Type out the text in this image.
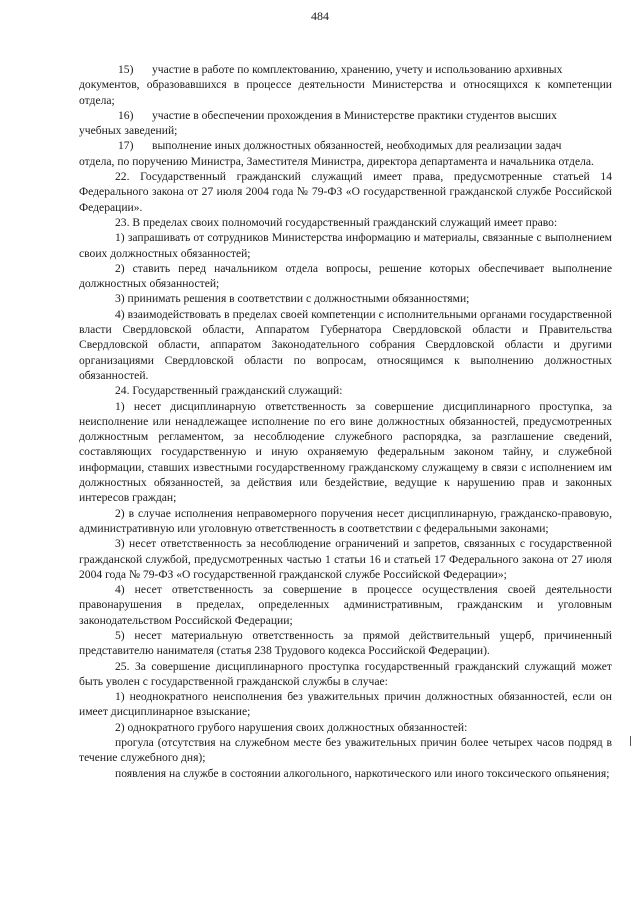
484
15) участие в работе по комплектованию, хранению, учету и использованию архивных
документов, образовавшихся в процессе деятельности Министерства и относящихся к компетенции отдела;
16) участие в обеспечении прохождения в Министерстве практики студентов высших
учебных заведений;
17) выполнение иных должностных обязанностей, необходимых для реализации задач
отдела, по поручению Министра, Заместителя Министра, директора департамента и начальника отдела.

22. Государственный гражданский служащий имеет права, предусмотренные статьей 14 Федерального закона от 27 июля 2004 года № 79-ФЗ «О государственной гражданской службе Российской Федерации».

23. В пределах своих полномочий государственный гражданский служащий имеет право:

1) запрашивать от сотрудников Министерства информацию и материалы, связанные с выполнением своих должностных обязанностей;

2) ставить перед начальником отдела вопросы, решение которых обеспечивает выполнение должностных обязанностей;

3) принимать решения в соответствии с должностными обязанностями;

4) взаимодействовать в пределах своей компетенции с исполнительными органами государственной власти Свердловской области, Аппаратом Губернатора Свердловской области и Правительства Свердловской области, аппаратом Законодательного собрания Свердловской области и другими организациями Свердловской области по вопросам, относящимся к выполнению должностных обязанностей.

24. Государственный гражданский служащий:

1) несет дисциплинарную ответственность за совершение дисциплинарного проступка, за неисполнение или ненадлежащее исполнение по его вине должностных обязанностей, предусмотренных должностным регламентом, за несоблюдение служебного распорядка, за разглашение сведений, составляющих государственную и иную охраняемую федеральным законом тайну, и служебной информации, ставших известными государственному гражданскому служащему в связи с исполнением им должностных обязанностей, за действия или бездействие, ведущие к нарушению прав и законных интересов граждан;

2) в случае исполнения неправомерного поручения несет дисциплинарную, гражданско-правовую, административную или уголовную ответственность в соответствии с федеральными законами;

3) несет ответственность за несоблюдение ограничений и запретов, связанных с государственной гражданской службой, предусмотренных частью 1 статьи 16 и статьей 17 Федерального закона от 27 июля 2004 года № 79-ФЗ «О государственной гражданской службе Российской Федерации»;

4) несет ответственность за совершение в процессе осуществления своей деятельности правонарушения в пределах, определенных административным, гражданским и уголовным законодательством Российской Федерации;

5) несет материальную ответственность за прямой действительный ущерб, причиненный представителю нанимателя (статья 238 Трудового кодекса Российской Федерации).

25. За совершение дисциплинарного проступка государственный гражданский служащий может быть уволен с государственной гражданской службы в случае:

1) неоднократного неисполнения без уважительных причин должностных обязанностей, если он имеет дисциплинарное взыскание;

2) однократного грубого нарушения своих должностных обязанностей:

прогула (отсутствия на служебном месте без уважительных причин более четырех часов подряд в течение служебного дня);

появления на службе в состоянии алкогольного, наркотического или иного токсического опьянения;
